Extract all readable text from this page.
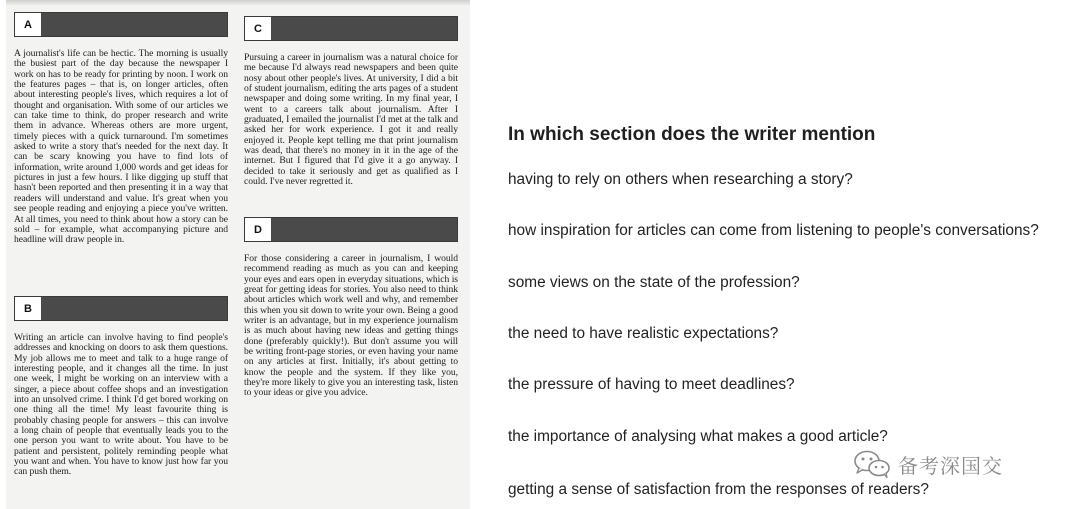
A
A journalist's life can be hectic. The morning is usually the busiest part of the day because the newspaper I work on has to be ready for printing by noon. I work on the features pages – that is, on longer articles, often about interesting people's lives, which requires a lot of thought and organisation. With some of our articles we can take time to think, do proper research and write them in advance. Whereas others are more urgent, timely pieces with a quick turnaround. I'm sometimes asked to write a story that's needed for the next day. It can be scary knowing you have to find lots of information, write around 1,000 words and get ideas for pictures in just a few hours. I like digging up stuff that hasn't been reported and then presenting it in a way that readers will understand and value. It's great when you see people reading and enjoying a piece you've written. At all times, you need to think about how a story can be sold – for example, what accompanying picture and headline will draw people in.
B
Writing an article can involve having to find people's addresses and knocking on doors to ask them questions. My job allows me to meet and talk to a huge range of interesting people, and it changes all the time. In just one week, I might be working on an interview with a singer, a piece about coffee shops and an investigation into an unsolved crime. I think I'd get bored working on one thing all the time! My least favourite thing is probably chasing people for answers – this can involve a long chain of people that eventually leads you to the one person you want to write about. You have to be patient and persistent, politely reminding people what you want and when. You have to know just how far you can push them.
C
Pursuing a career in journalism was a natural choice for me because I'd always read newspapers and been quite nosy about other people's lives. At university, I did a bit of student journalism, editing the arts pages of a student newspaper and doing some writing. In my final year, I went to a careers talk about journalism. After I graduated, I emailed the journalist I'd met at the talk and asked her for work experience. I got it and really enjoyed it. People kept telling me that print journalism was dead, that there's no money in it in the age of the internet. But I figured that I'd give it a go anyway. I decided to take it seriously and get as qualified as I could. I've never regretted it.
D
For those considering a career in journalism, I would recommend reading as much as you can and keeping your eyes and ears open in everyday situations, which is great for getting ideas for stories. You also need to think about articles which work well and why, and remember this when you sit down to write your own. Being a good writer is an advantage, but in my experience journalism is as much about having new ideas and getting things done (preferably quickly!). But don't assume you will be writing front-page stories, or even having your name on any articles at first. Initially, it's about getting to know the people and the system. If they like you, they're more likely to give you an interesting task, listen to your ideas or give you advice.
In which section does the writer mention
having to rely on others when researching a story?
how inspiration for articles can come from listening to people's conversations?
some views on the state of the profession?
the need to have realistic expectations?
the pressure of having to meet deadlines?
the importance of analysing what makes a good article?
getting a sense of satisfaction from the responses of readers?
备考深国交
